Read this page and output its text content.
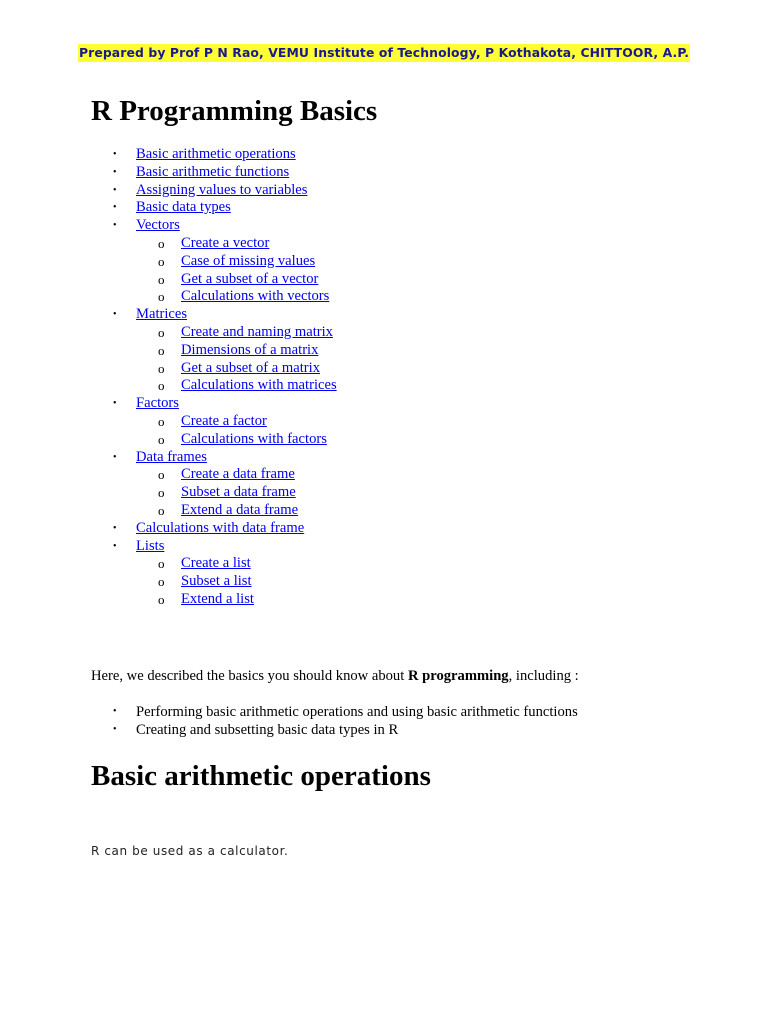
Prepared by Prof P N Rao, VEMU Institute of Technology, P Kothakota, CHITTOOR, A.P.
R Programming Basics
• Basic arithmetic operations
• Basic arithmetic functions
• Assigning values to variables
• Basic data types
• Vectors
o Create a vector
o Case of missing values
o Get a subset of a vector
o Calculations with vectors
• Matrices
o Create and naming matrix
o Dimensions of a matrix
o Get a subset of a matrix
o Calculations with matrices
• Factors
o Create a factor
o Calculations with factors
• Data frames
o Create a data frame
o Subset a data frame
o Extend a data frame
• Calculations with data frame
• Lists
o Create a list
o Subset a list
o Extend a list

Here, we described the basics you should know about R programming, including :

• Performing basic arithmetic operations and using basic arithmetic functions
• Creating and subsetting basic data types in R
Basic arithmetic operations

R can be used as a calculator.
